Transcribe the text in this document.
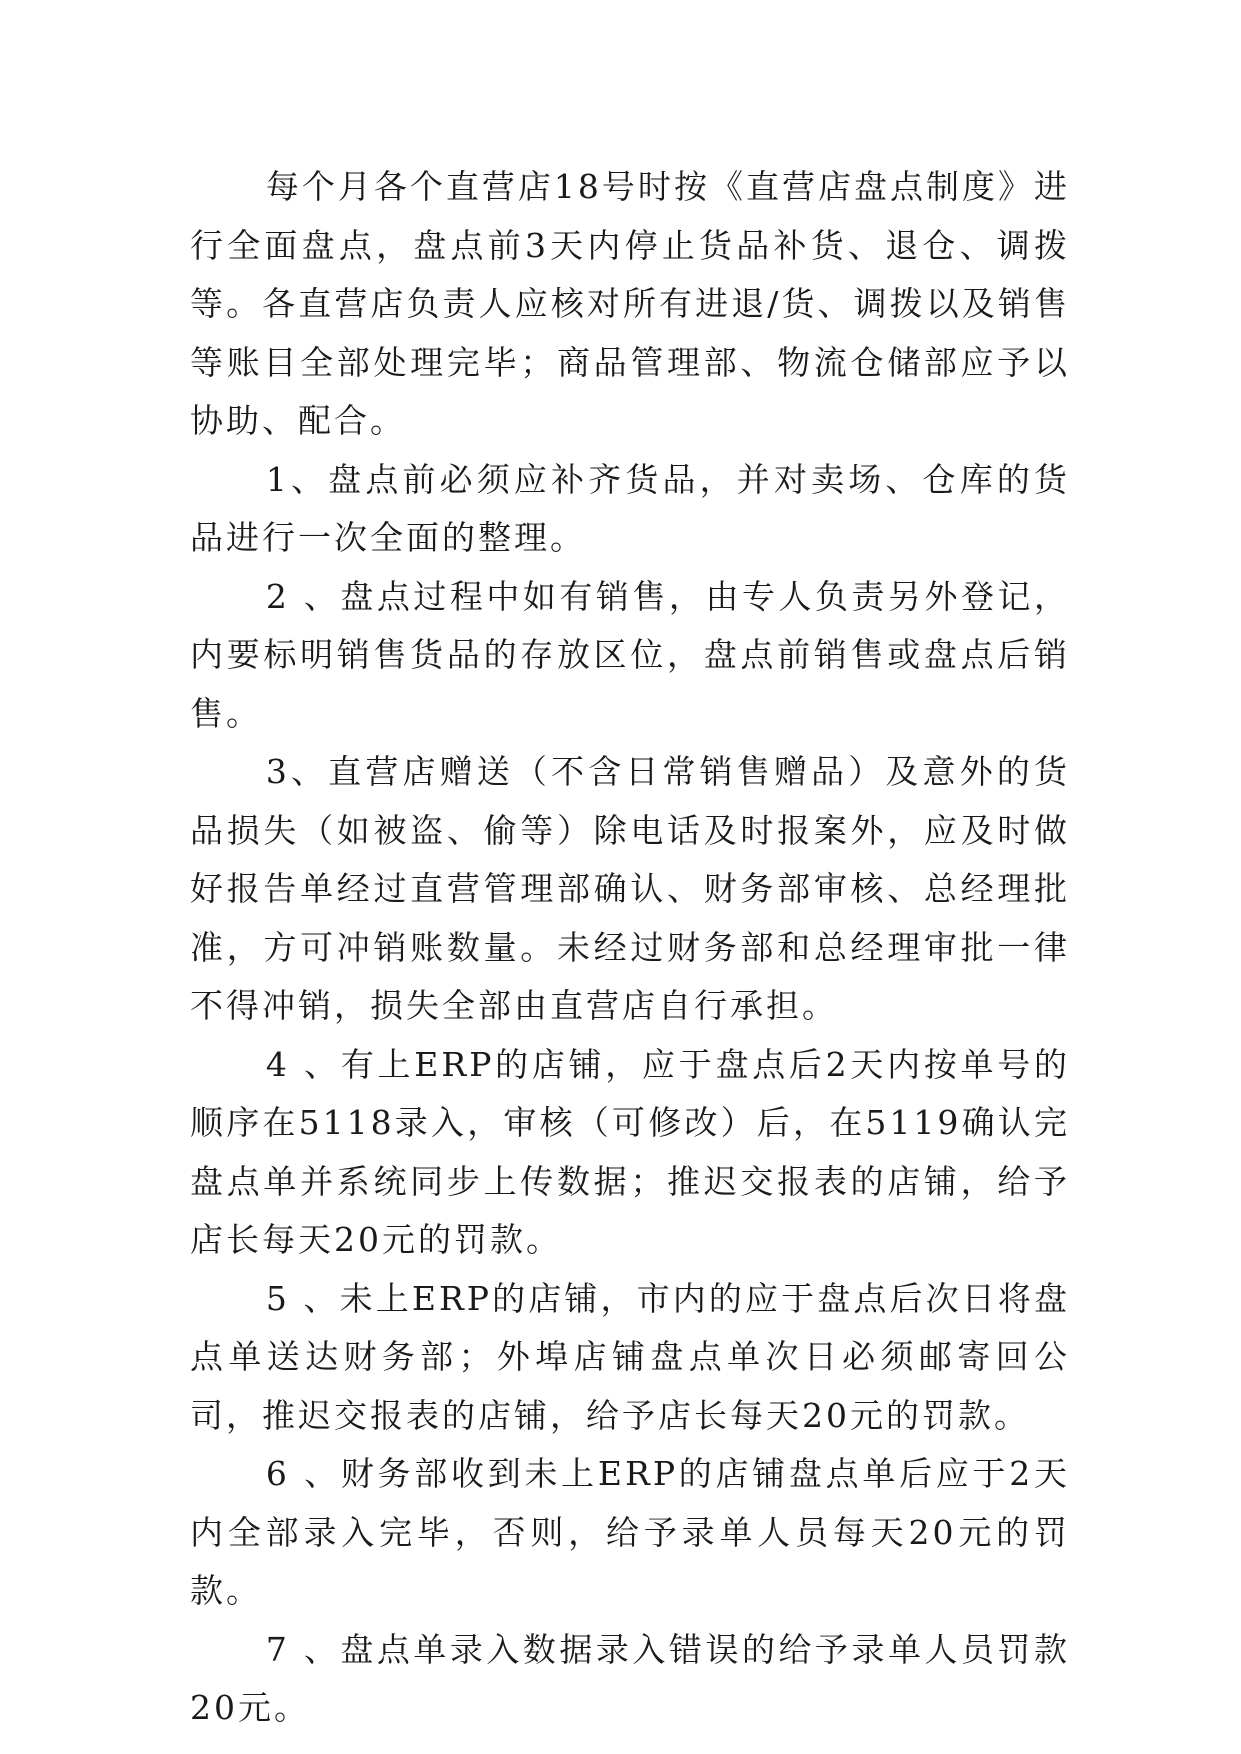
每个月各个直营店18号时按《直营店盘点制度》进行全面盘点，盘点前3天内停止货品补货、退仓、调拨等。各直营店负责人应核对所有进退/货、调拨以及销售等账目全部处理完毕；商品管理部、物流仓储部应予以协助、配合。

1、盘点前必须应补齐货品，并对卖场、仓库的货品进行一次全面的整理。

2 、盘点过程中如有销售，由专人负责另外登记，内要标明销售货品的存放区位，盘点前销售或盘点后销售。

3、直营店赠送（不含日常销售赠品）及意外的货品损失（如被盗、偷等）除电话及时报案外，应及时做好报告单经过直营管理部确认、财务部审核、总经理批准，方可冲销账数量。未经过财务部和总经理审批一律不得冲销，损失全部由直营店自行承担。

4 、有上ERP的店铺，应于盘点后2天内按单号的顺序在5118录入，审核（可修改）后，在5119确认完盘点单并系统同步上传数据；推迟交报表的店铺，给予店长每天20元的罚款。

5 、未上ERP的店铺，市内的应于盘点后次日将盘点单送达财务部；外埠店铺盘点单次日必须邮寄回公司，推迟交报表的店铺，给予店长每天20元的罚款。

6 、财务部收到未上ERP的店铺盘点单后应于2天内全部录入完毕，否则，给予录单人员每天20元的罚款。

7 、盘点单录入数据录入错误的给予录单人员罚款20元。
